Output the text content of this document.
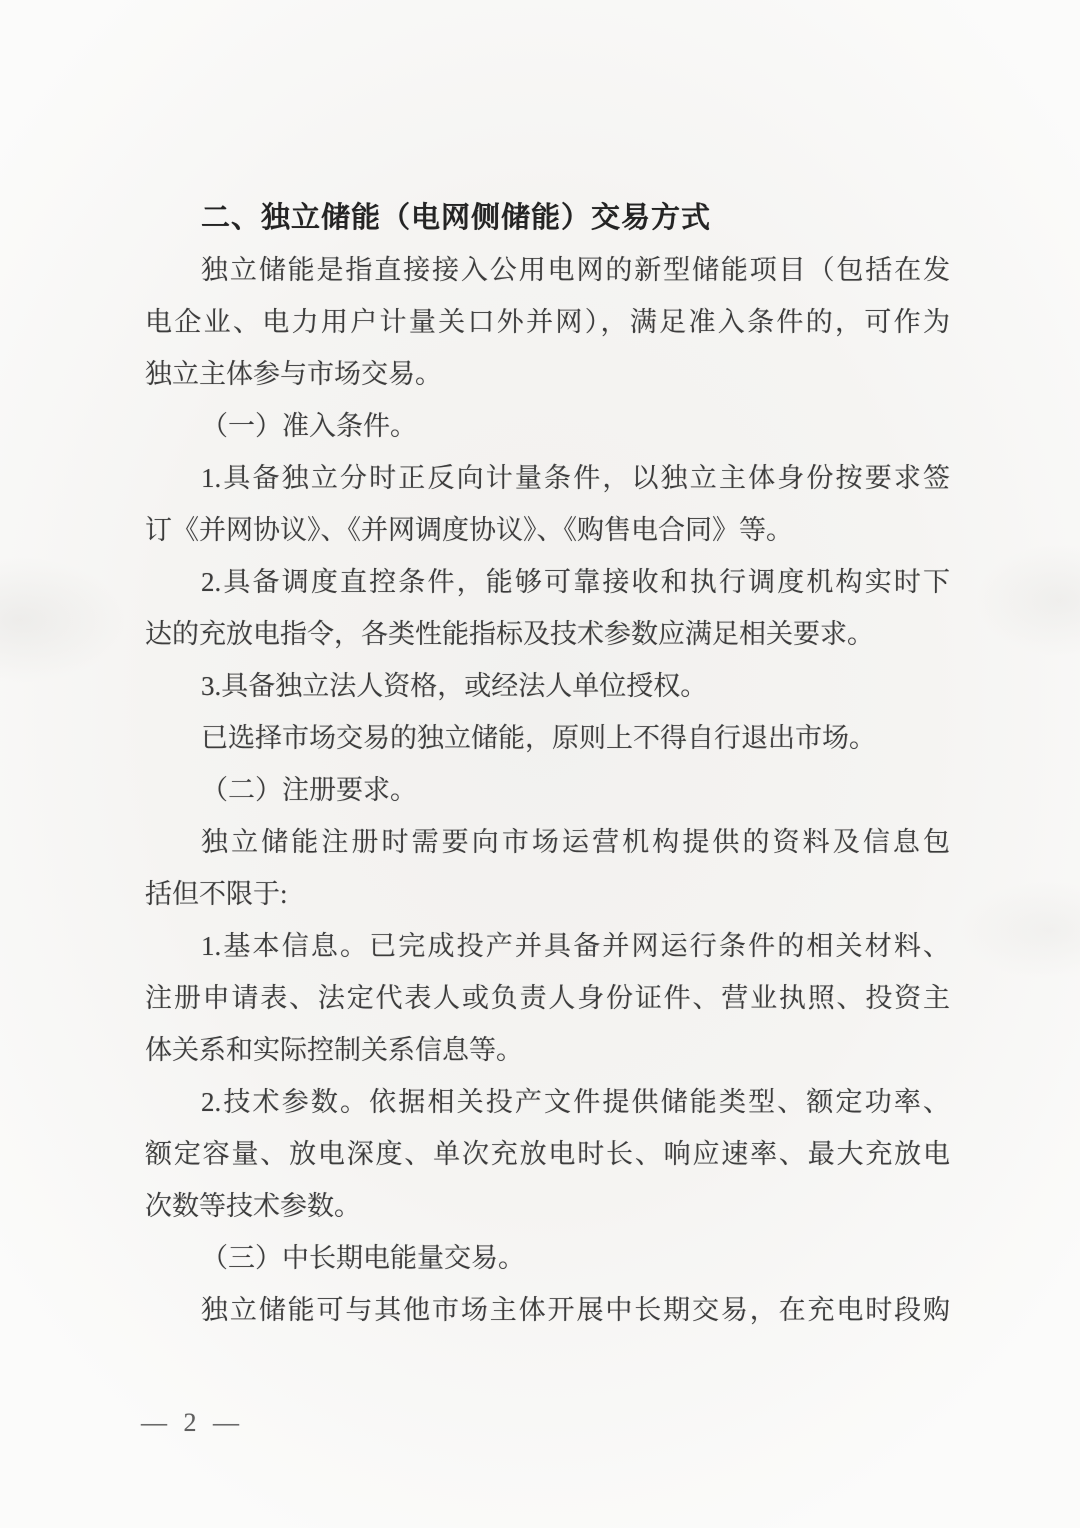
二、独立储能（电网侧储能）交易方式
独立储能是指直接接入公用电网的新型储能项目（包括在发
电企业、电力用户计量关口外并网），满足准入条件的，可作为
独立主体参与市场交易。
（一）准入条件。
1.具备独立分时正反向计量条件，以独立主体身份按要求签
订《并网协议》、《并网调度协议》、《购售电合同》等。
2.具备调度直控条件，能够可靠接收和执行调度机构实时下
达的充放电指令，各类性能指标及技术参数应满足相关要求。
3.具备独立法人资格，或经法人单位授权。
已选择市场交易的独立储能，原则上不得自行退出市场。
（二）注册要求。
独立储能注册时需要向市场运营机构提供的资料及信息包
括但不限于:
1.基本信息。已完成投产并具备并网运行条件的相关材料、
注册申请表、法定代表人或负责人身份证件、营业执照、投资主
体关系和实际控制关系信息等。
2.技术参数。依据相关投产文件提供储能类型、额定功率、
额定容量、放电深度、单次充放电时长、响应速率、最大充放电
次数等技术参数。
（三）中长期电能量交易。
独立储能可与其他市场主体开展中长期交易，在充电时段购
— 2 —
